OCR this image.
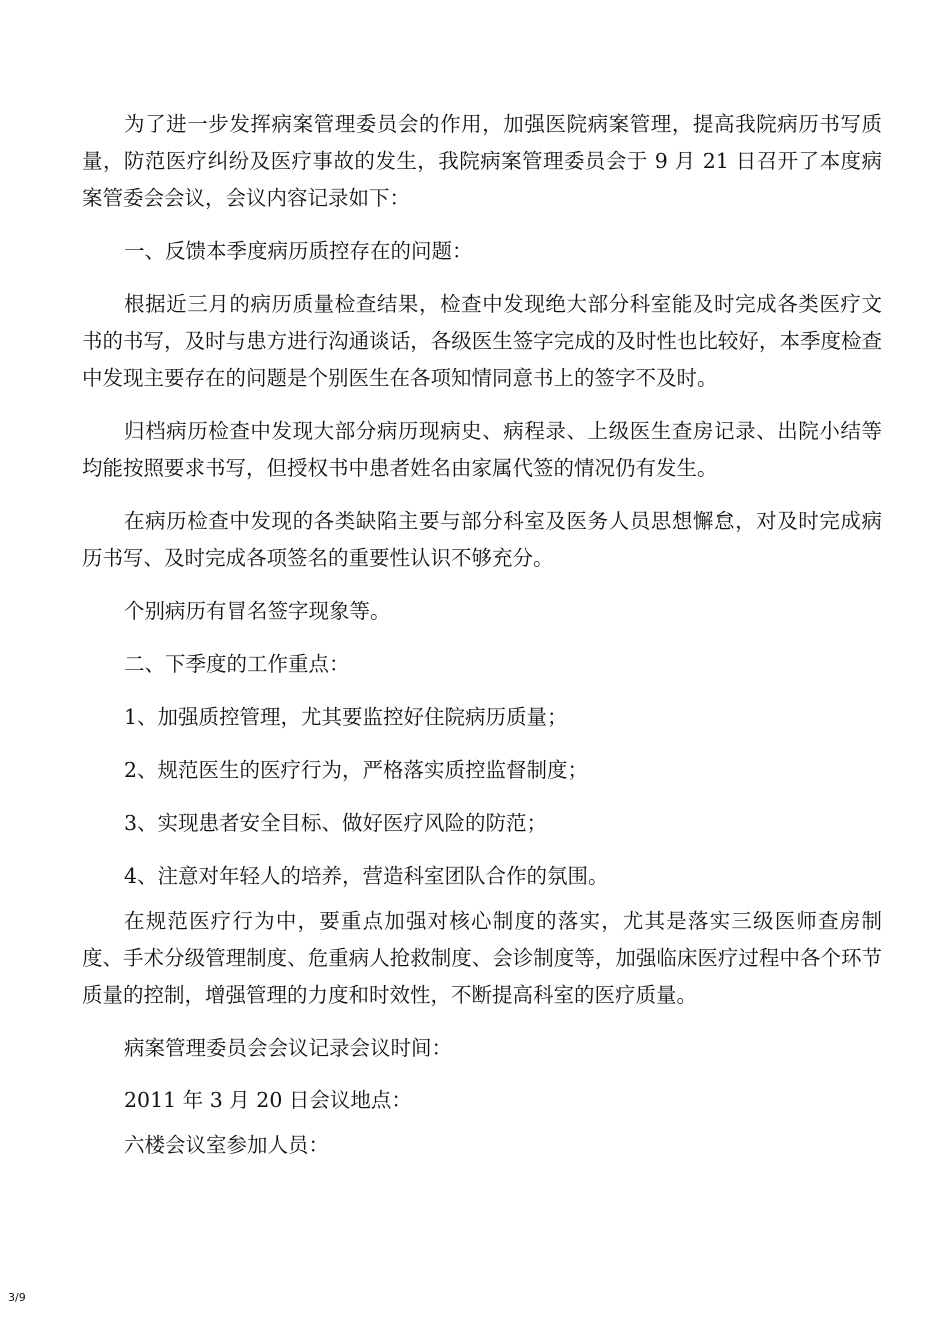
为了进一步发挥病案管理委员会的作用，加强医院病案管理，提高我院病历书写质量，防范医疗纠纷及医疗事故的发生，我院病案管理委员会于 9 月 21 日召开了本度病案管委会会议，会议内容记录如下：

一、反馈本季度病历质控存在的问题：

根据近三月的病历质量检查结果，检查中发现绝大部分科室能及时完成各类医疗文书的书写，及时与患方进行沟通谈话，各级医生签字完成的及时性也比较好，本季度检查中发现主要存在的问题是个别医生在各项知情同意书上的签字不及时。

归档病历检查中发现大部分病历现病史、病程录、上级医生查房记录、出院小结等均能按照要求书写，但授权书中患者姓名由家属代签的情况仍有发生。

在病历检查中发现的各类缺陷主要与部分科室及医务人员思想懈怠，对及时完成病历书写、及时完成各项签名的重要性认识不够充分。

个别病历有冒名签字现象等。

二、下季度的工作重点：

1、加强质控管理，尤其要监控好住院病历质量；

2、规范医生的医疗行为，严格落实质控监督制度；

3、实现患者安全目标、做好医疗风险的防范；

4、注意对年轻人的培养，营造科室团队合作的氛围。

在规范医疗行为中，要重点加强对核心制度的落实，尤其是落实三级医师查房制度、手术分级管理制度、危重病人抢救制度、会诊制度等，加强临床医疗过程中各个环节质量的控制，增强管理的力度和时效性，不断提高科室的医疗质量。

病案管理委员会会议记录会议时间：

2011 年 3 月 20 日会议地点：

六楼会议室参加人员：

3/9
